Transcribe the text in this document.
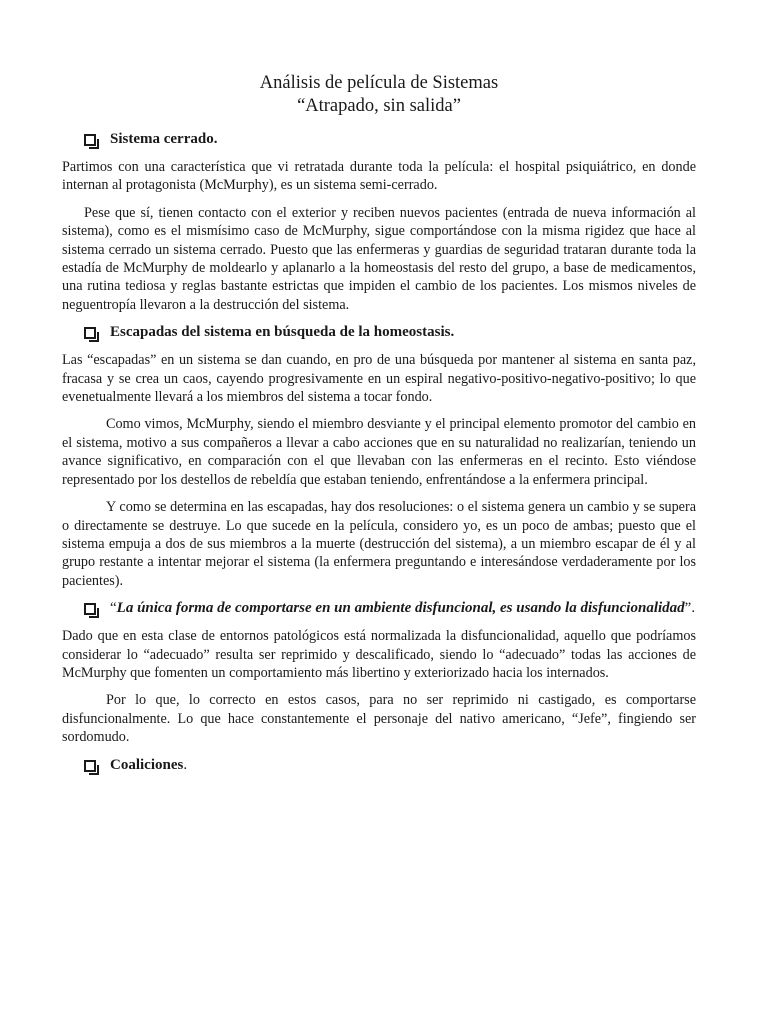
Análisis de película de Sistemas
“Atrapado, sin salida”
Sistema cerrado.

Partimos con una característica que vi retratada durante toda la película: el hospital psiquiátrico, en donde internan al protagonista (McMurphy), es un sistema semi-cerrado.

Pese que sí, tienen contacto con el exterior y reciben nuevos pacientes (entrada de nueva información al sistema), como es el mismísimo caso de McMurphy, sigue comportándose con la misma rigidez que hace al sistema cerrado un sistema cerrado. Puesto que las enfermeras y guardias de seguridad trataran durante toda la estadía de McMurphy de moldearlo y aplanarlo a la homeostasis del resto del grupo, a base de medicamentos, una rutina tediosa y reglas bastante estrictas que impiden el cambio de los pacientes. Los mismos niveles de neguentropía llevaron a la destrucción del sistema.

Escapadas del sistema en búsqueda de la homeostasis.

Las “escapadas” en un sistema se dan cuando, en pro de una búsqueda por mantener al sistema en santa paz, fracasa y se crea un caos, cayendo progresivamente en un espiral negativo-positivo-negativo-positivo; lo que evenetualmente llevará a los miembros del sistema a tocar fondo.

Como vimos, McMurphy, siendo el miembro desviante y el principal elemento promotor del cambio en el sistema, motivo a sus compañeros a llevar a cabo acciones que en su naturalidad no realizarían, teniendo un avance significativo, en comparación con el que llevaban con las enfermeras en el recinto. Esto viéndose representado por los destellos de rebeldía que estaban teniendo, enfrentándose a la enfermera principal.

Y como se determina en las escapadas, hay dos resoluciones: o el sistema genera un cambio y se supera o directamente se destruye. Lo que sucede en la película, considero yo, es un poco de ambas; puesto que el sistema empuja a dos de sus miembros a la muerte (destrucción del sistema), a un miembro escapar de él y al grupo restante a intentar mejorar el sistema (la enfermera preguntando e interesándose verdaderamente por los pacientes).

“La única forma de comportarse en un ambiente disfuncional, es usando la disfuncionalidad”.

Dado que en esta clase de entornos patológicos está normalizada la disfuncionalidad, aquello que podríamos considerar lo “adecuado” resulta ser reprimido y descalificado, siendo lo “adecuado” todas las acciones de McMurphy que fomenten un comportamiento más libertino y exteriorizado hacia los internados.

Por lo que, lo correcto en estos casos, para no ser reprimido ni castigado, es comportarse disfuncionalmente. Lo que hace constantemente el personaje del nativo americano, “Jefe”, fingiendo ser sordomudo.

Coaliciones.
